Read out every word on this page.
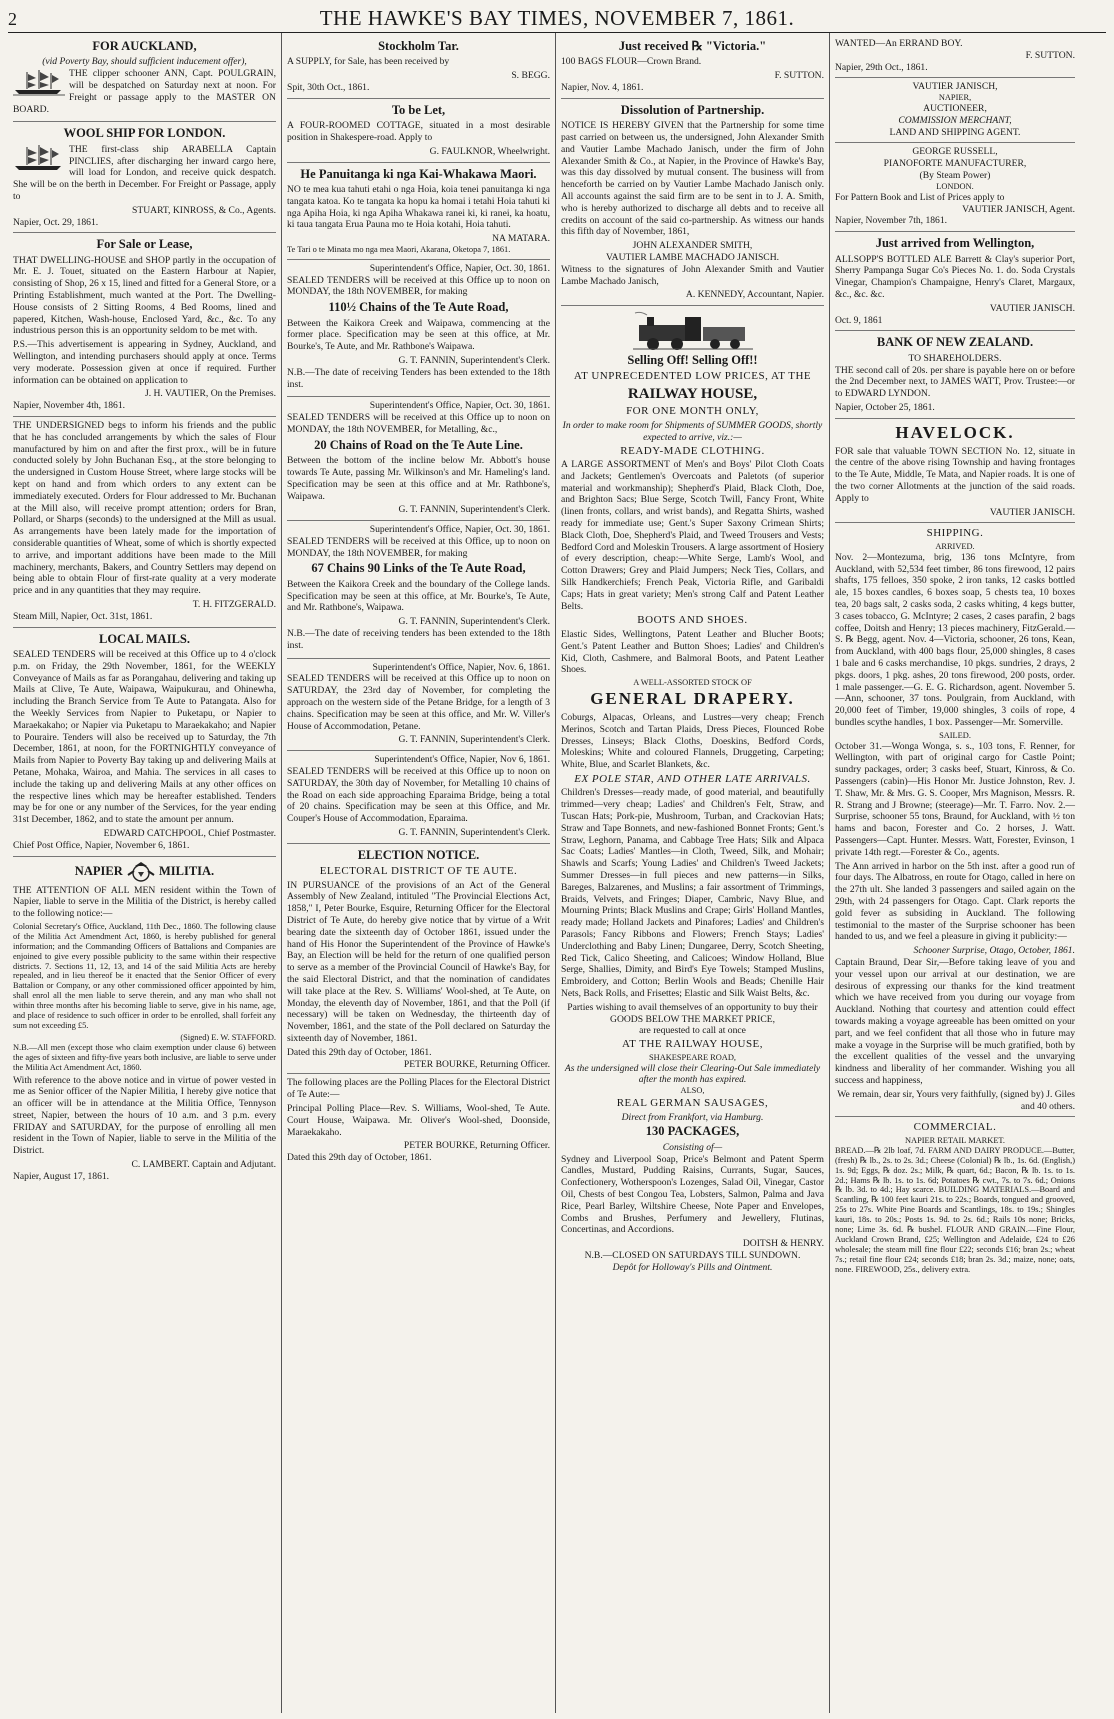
2	THE HAWKE'S BAY TIMES, NOVEMBER 7, 1861.
FOR AUCKLAND,
(vid Poverty Bay, should sufficient inducement offer),

THE clipper schooner ANN, Capt. POULGRAIN, will be despatched on Saturday next at noon. For Freight or passage apply to the MASTER ON BOARD.

WOOL SHIP FOR LONDON.

THE first-class ship ARABELLA Captain PINCLIES, after discharging her inward cargo here, will load for London, and receive quick despatch. She will be on the berth in December. For Freight or Passage, apply to

STUART, KINROSS, & Co., Agents.
Napier, Oct. 29, 1861.
For Sale or Lease,

THAT DWELLING-HOUSE and SHOP partly in the occupation of Mr. E. J. Touet, situated on the Eastern Harbour at Napier, consisting of Shop, 26 x 15, lined and fitted for a General Store, or a Printing Establishment, much wanted at the Port. The Dwelling-House consists of 2 Sitting Rooms, 4 Bed Rooms, lined and papered, Kitchen, Wash-house, Enclosed Yard, &c., &c. To any industrious person this is an opportunity seldom to be met with.

P.S.—This advertisement is appearing in Sydney, Auckland, and Wellington, and intending purchasers should apply at once. Terms very moderate. Possession given at once if required. Further information can be obtained on application to

J. H. VAUTIER, On the Premises.
Napier, November 4th, 1861.

THE UNDERSIGNED begs to inform his friends and the public that he has concluded arrangements by which the sales of Flour manufactured by him on and after the first prox., will be in future conducted solely by John Buchanan Esq., at the store belonging to the undersigned in Custom House Street, where large stocks will be kept on hand and from which orders to any extent can be immediately executed. Orders for Flour addressed to Mr. Buchanan at the Mill also, will receive prompt attention; orders for Bran, Pollard, or Sharps (seconds) to the undersigned at the Mill as usual. As arrangements have been lately made for the importation of considerable quantities of Wheat, some of which is shortly expected to arrive, and important additions have been made to the Mill machinery, merchants, Bakers, and Country Settlers may depend on being able to obtain Flour of first-rate quality at a very moderate price and in any quantities that they may require.

T. H. FITZGERALD.
Steam Mill, Napier, Oct. 31st, 1861.
LOCAL MAILS.

SEALED TENDERS will be received at this Office up to 4 o'clock p.m. on Friday, the 29th November, 1861, for the WEEKLY Conveyance of Mails as far as Porangahau, delivering and taking up Mails at Clive, Te Aute, Waipawa, Waipukurau, and Ohinewha, including the Branch Service from Te Aute to Patangata. Also for the Weekly Services from Napier to Puketapu, or Napier to Maraekakaho; or Napier via Puketapu to Maraekakaho; and Napier to Pouraire. Tenders will also be received up to Saturday, the 7th December, 1861, at noon, for the FORTNIGHTLY conveyance of Mails from Napier to Poverty Bay taking up and delivering Mails at Petane, Mohaka, Wairoa, and Mahia. The services in all cases to include the taking up and delivering Mails at any other offices on the respective lines which may be hereafter established. Tenders may be for one or any number of the Services, for the year ending 31st December, 1862, and to state the amount per annum.

EDWARD CATCHPOOL, Chief Postmaster.
Chief Post Office, Napier, November 6, 1861.
NAPIER	MILITIA.

THE ATTENTION OF ALL MEN resident within the Town of Napier, liable to serve in the Militia of the District, is hereby called to the following notice:—

Colonial Secretary's Office, Auckland, 11th Dec., 1860. The following clause of the Militia Act Amendment Act, 1860, is hereby published for general information; and the Commanding Officers of Battalions and Companies are enjoined to give every possible publicity to the same within their respective districts. 7. Sections 11, 12, 13, and 14 of the said Militia Acts are hereby repealed, and in lieu thereof be it enacted that the Senior Officer of every Battalion or Company, or any other commissioned officer appointed by him, shall enrol all the men liable to serve therein, and any man who shall not within three months after his becoming liable to serve, give in his name, age, and place of residence to such officer in order to be enrolled, shall forfeit any sum not exceeding £5.

(Signed) E. W. STAFFORD.

N.B.—All men (except those who claim exemption under clause 6) between the ages of sixteen and fifty-five years both inclusive, are liable to serve under the Militia Act Amendment Act, 1860.

With reference to the above notice and in virtue of power vested in me as Senior officer of the Napier Militia, I hereby give notice that an officer will be in attendance at the Militia Office, Tennyson street, Napier, between the hours of 10 a.m. and 3 p.m. every FRIDAY and SATURDAY, for the purpose of enrolling all men resident in the Town of Napier, liable to serve in the Militia of the District.

C. LAMBERT. Captain and Adjutant.
Napier, August 17, 1861.
Stockholm Tar.

A SUPPLY, for Sale, has been received by

S. BEGG.
Spit, 30th Oct., 1861.
To be Let,

A FOUR-ROOMED COTTAGE, situated in a most desirable position in Shakespere-road. Apply to

G. FAULKNOR, Wheelwright.
He Panuitanga ki nga Kai-Whakawa Maori.

NO te mea kua tahuti etahi o nga Hoia, koia tenei panuitanga ki nga tangata katoa. Ko te tangata ka hopu ka homai i tetahi Hoia tahuti ki nga Apiha Hoia, ki nga Apiha Whakawa ranei ki, ki ranei, ka hoatu, ki taua tangata Erua Pauna mo te Hoia kotahi, Hoia tahuti.

NA MATARA.
Te Tari o te Minata mo nga mea Maori, Akarana, Oketopa 7, 1861.
Superintendent's Office, Napier, Oct. 30, 1861.

SEALED TENDERS will be received at this Office up to noon on MONDAY, the 18th NOVEMBER, for making

110½ Chains of the Te Aute Road,

Between the Kaikora Creek and Waipawa, commencing at the former place. Specification may be seen at this office, at Mr. Bourke's, Te Aute, and Mr. Rathbone's Waipawa.

G. T. FANNIN, Superintendent's Clerk.

N.B.—The date of receiving Tenders has been extended to the 18th inst.

Superintendent's Office, Napier, Oct. 30, 1861.

SEALED TENDERS will be received at this Office up to noon on MONDAY, the 18th NOVEMBER, for Metalling, &c.,

20 Chains of Road on the Te Aute Line.

Between the bottom of the incline below Mr. Abbott's house towards Te Aute, passing Mr. Wilkinson's and Mr. Hameling's land. Specification may be seen at this office and at Mr. Rathbone's, Waipawa.

G. T. FANNIN, Superintendent's Clerk.
Superintendent's Office, Napier, Oct. 30, 1861.

SEALED TENDERS will be received at this Office, up to noon on MONDAY, the 18th NOVEMBER, for making

67 Chains 90 Links of the Te Aute Road,

Between the Kaikora Creek and the boundary of the College lands. Specification may be seen at this office, at Mr. Bourke's, Te Aute, and Mr. Rathbone's, Waipawa.

G. T. FANNIN, Superintendent's Clerk.

N.B.—The date of receiving tenders has been extended to the 18th inst.

Superintendent's Office, Napier, Nov. 6, 1861.

SEALED TENDERS will be received at this Office up to noon on SATURDAY, the 23rd day of November, for completing the approach on the western side of the Petane Bridge, for a length of 3 chains. Specification may be seen at this office, and Mr. W. Viller's House of Accommodation, Petane.

G. T. FANNIN, Superintendent's Clerk.
Superintendent's Office, Napier, Nov 6, 1861.

SEALED TENDERS will be received at this Office up to noon on SATURDAY, the 30th day of November, for Metalling 10 chains of the Road on each side approaching Eparaima Bridge, being a total of 20 chains. Specification may be seen at this Office, and Mr. Couper's House of Accommodation, Eparaima.

G. T. FANNIN, Superintendent's Clerk.
ELECTION NOTICE.
ELECTORAL DISTRICT OF TE AUTE.

IN PURSUANCE of the provisions of an Act of the General Assembly of New Zealand, intituled "The Provincial Elections Act, 1858," I, Peter Bourke, Esquire, Returning Officer for the Electoral District of Te Aute, do hereby give notice that by virtue of a Writ bearing date the sixteenth day of October 1861, issued under the hand of His Honor the Superintendent of the Province of Hawke's Bay, an Election will be held for the return of one qualified person to serve as a member of the Provincial Council of Hawke's Bay, for the said Electoral District, and that the nomination of candidates will take place at the Rev. S. Williams' Wool-shed, at Te Aute, on Monday, the eleventh day of November, 1861, and that the Poll (if necessary) will be taken on Wednesday, the thirteenth day of November, 1861, and the state of the Poll declared on Saturday the sixteenth day of November, 1861.

Dated this 29th day of October, 1861.
PETER BOURKE, Returning Officer.

The following places are the Polling Places for the Electoral District of Te Aute:—

Principal Polling Place—Rev. S. Williams, Wool-shed, Te Aute. Court House, Waipawa. Mr. Oliver's Wool-shed, Doonside, Maraekakaho.

PETER BOURKE, Returning Officer.
Dated this 29th day of October, 1861.
Just received ℞ "Victoria."

100 BAGS FLOUR—Crown Brand.

F. SUTTON.
Napier, Nov. 4, 1861.
Dissolution of Partnership.

NOTICE IS HEREBY GIVEN that the Partnership for some time past carried on between us, the undersigned, John Alexander Smith and Vautier Lambe Machado Janisch, under the firm of John Alexander Smith & Co., at Napier, in the Province of Hawke's Bay, was this day dissolved by mutual consent. The business will from henceforth be carried on by Vautier Lambe Machado Janisch only. All accounts against the said firm are to be sent in to J. A. Smith, who is hereby authorized to discharge all debts and to receive all credits on account of the said co-partnership. As witness our hands this fifth day of November, 1861,

JOHN ALEXANDER SMITH,
VAUTIER LAMBE MACHADO JANISCH.

Witness to the signatures of John Alexander Smith and Vautier Lambe Machado Janisch,

A. KENNEDY, Accountant, Napier.
Selling Off! Selling Off!!
AT UNPRECEDENTED LOW PRICES, AT THE
RAILWAY HOUSE,
FOR ONE MONTH ONLY,
In order to make room for Shipments of SUMMER GOODS, shortly expected to arrive, viz.:—
READY-MADE CLOTHING.

A LARGE ASSORTMENT of Men's and Boys' Pilot Cloth Coats and Jackets; Gentlemen's Overcoats and Paletots (of superior material and workmanship); Shepherd's Plaid, Black Cloth, Doe, and Brighton Sacs; Blue Serge, Scotch Twill, Fancy Front, White (linen fronts, collars, and wrist bands), and Regatta Shirts, washed ready for immediate use; Gent.'s Super Saxony Crimean Shirts; Black Cloth, Doe, Shepherd's Plaid, and Tweed Trousers and Vests; Bedford Cord and Moleskin Trousers. A large assortment of Hosiery of every description, cheap:—White Serge, Lamb's Wool, and Cotton Drawers; Grey and Plaid Jumpers; Neck Ties, Collars, and Silk Handkerchiefs; French Peak, Victoria Rifle, and Garibaldi Caps; Hats in great variety; Men's strong Calf and Patent Leather Belts.

BOOTS AND SHOES.

Elastic Sides, Wellingtons, Patent Leather and Blucher Boots; Gent.'s Patent Leather and Button Shoes; Ladies' and Children's Kid, Cloth, Cashmere, and Balmoral Boots, and Patent Leather Shoes.

A WELL-ASSORTED STOCK OF
GENERAL DRAPERY.

Coburgs, Alpacas, Orleans, and Lustres—very cheap; French Merinos, Scotch and Tartan Plaids, Dress Pieces, Flounced Robe Dresses, Linseys; Black Cloths, Doeskins, Bedford Cords, Moleskins; White and coloured Flannels, Druggeting, Carpeting; White, Blue, and Scarlet Blankets, &c.

EX POLE STAR, AND OTHER LATE ARRIVALS.

Children's Dresses—ready made, of good material, and beautifully trimmed—very cheap; Ladies' and Children's Felt, Straw, and Tuscan Hats; Pork-pie, Mushroom, Turban, and Crackovian Hats; Straw and Tape Bonnets, and new-fashioned Bonnet Fronts; Gent.'s Straw, Leghorn, Panama, and Cabbage Tree Hats; Silk and Alpaca Sac Coats; Ladies' Mantles—in Cloth, Tweed, Silk, and Mohair; Shawls and Scarfs; Young Ladies' and Children's Tweed Jackets; Summer Dresses—in full pieces and new patterns—in Silks, Bareges, Balzarenes, and Muslins; a fair assortment of Trimmings, Braids, Velvets, and Fringes; Diaper, Cambric, Navy Blue, and Mourning Prints; Black Muslins and Crape; Girls' Holland Mantles, ready made; Holland Jackets and Pinafores; Ladies' and Children's Parasols; Fancy Ribbons and Flowers; French Stays; Ladies' Underclothing and Baby Linen; Dungaree, Derry, Scotch Sheeting, Red Tick, Calico Sheeting, and Calicoes; Window Holland, Blue Serge, Shallies, Dimity, and Bird's Eye Towels; Stamped Muslins, Embroidery, and Cotton; Berlin Wools and Beads; Chenille Hair Nets, Back Rolls, and Frisettes; Elastic and Silk Waist Belts, &c.

Parties wishing to avail themselves of an opportunity to buy their
GOODS BELOW THE MARKET PRICE,
are requested to call at once
AT THE RAILWAY HOUSE,
SHAKESPEARE ROAD,
As the undersigned will close their Clearing-Out Sale immediately after the month has expired.
ALSO,
REAL GERMAN SAUSAGES,
Direct from Frankfort, via Hamburg.
130 PACKAGES,
Consisting of—

Sydney and Liverpool Soap, Price's Belmont and Patent Sperm Candles, Mustard, Pudding Raisins, Currants, Sugar, Sauces, Confectionery, Wotherspoon's Lozenges, Salad Oil, Vinegar, Castor Oil, Chests of best Congou Tea, Lobsters, Salmon, Palma and Java Rice, Pearl Barley, Wiltshire Cheese, Note Paper and Envelopes, Combs and Brushes, Perfumery and Jewellery, Flutinas, Concertinas, and Accordions.

DOITSH & HENRY.
N.B.—CLOSED ON SATURDAYS TILL SUNDOWN.
Depôt for Holloway's Pills and Ointment.
WANTED—An ERRAND BOY.
F. SUTTON.
Napier, 29th Oct., 1861.
VAUTIER JANISCH,
NAPIER,
AUCTIONEER,
COMMISSION MERCHANT,
LAND AND SHIPPING AGENT.
GEORGE RUSSELL,
PIANOFORTE MANUFACTURER,
(By Steam Power)
LONDON.
For Pattern Book and List of Prices apply to
VAUTIER JANISCH, Agent.
Napier, November 7th, 1861.
Just arrived from Wellington,

ALLSOPP'S BOTTLED ALE Barrett & Clay's superior Port, Sherry Pampanga Sugar Co's Pieces No. 1. do. Soda Crystals Vinegar, Champion's Champaigne, Henry's Claret, Margaux, &c., &c. &c.

VAUTIER JANISCH.
Oct. 9, 1861
BANK OF NEW ZEALAND.
TO SHAREHOLDERS.

THE second call of 20s. per share is payable here on or before the 2nd December next, to JAMES WATT, Prov. Trustee:—or to EDWARD LYNDON.

Napier, October 25, 1861.
HAVELOCK.

FOR sale that valuable TOWN SECTION No. 12, situate in the centre of the above rising Township and having frontages to the Te Aute, Middle, Te Mata, and Napier roads. It is one of the two corner Allotments at the junction of the said roads. Apply to

VAUTIER JANISCH.
SHIPPING.
ARRIVED.

Nov. 2—Montezuma, brig, 136 tons McIntyre, from Auckland, with 52,534 feet timber, 86 tons firewood, 12 pairs shafts, 175 felloes, 350 spoke, 2 iron tanks, 12 casks bottled ale, 15 boxes candles, 6 boxes soap, 5 chests tea, 10 boxes tea, 20 bags salt, 2 casks soda, 2 casks whiting, 4 kegs butter, 3 cases tobacco, G. McIntyre; 2 cases, 2 cases parafin, 2 bags coffee, Doitsh and Henry; 13 pieces machinery, FitzGerald.—S. ℞ Begg, agent. Nov. 4—Victoria, schooner, 26 tons, Kean, from Auckland, with 400 bags flour, 25,000 shingles, 8 cases 1 bale and 6 casks merchandise, 10 pkgs. sundries, 2 drays, 2 pkgs. doors, 1 pkg. ashes, 20 tons firewood, 200 posts, order. 1 male passenger.—G. E. G. Richardson, agent. November 5.—Ann, schooner, 37 tons. Poulgrain, from Auckland, with 20,000 feet of Timber, 19,000 shingles, 3 coils of rope, 4 bundles scythe handles, 1 box. Passenger—Mr. Somerville.

SAILED.

October 31.—Wonga Wonga, s. s., 103 tons, F. Renner, for Wellington, with part of original cargo for Castle Point; sundry packages, order; 3 casks beef, Stuart, Kinross, & Co. Passengers (cabin)—His Honor Mr. Justice Johnston, Rev. J. T. Shaw, Mr. & Mrs. G. S. Cooper, Mrs Magnison, Messrs. R. R. Strang and J Browne; (steerage)—Mr. T. Farro. Nov. 2.—Surprise, schooner 55 tons, Braund, for Auckland, with ½ ton hams and bacon, Forester and Co. 2 horses, J. Watt. Passengers—Capt. Hunter. Messrs. Watt, Forester, Evinson, 1 private 14th regt.—Forester & Co., agents.

The Ann arrived in harbor on the 5th inst. after a good run of four days. The Albatross, en route for Otago, called in here on the 27th ult. She landed 3 passengers and sailed again on the 29th, with 24 passengers for Otago. Capt. Clark reports the gold fever as subsiding in Auckland. The following testimonial to the master of the Surprise schooner has been handed to us, and we feel a pleasure in giving it publicity:—

Schooner Surprise, Otago, October, 1861.

Captain Braund, Dear Sir,—Before taking leave of you and your vessel upon our arrival at our destination, we are desirous of expressing our thanks for the kind treatment which we have received from you during our voyage from Auckland. Nothing that courtesy and attention could effect towards making a voyage agreeable has been omitted on your part, and we feel confident that all those who in future may make a voyage in the Surprise will be much gratified, both by the excellent qualities of the vessel and the unvarying kindness and liberality of her commander. Wishing you all success and happiness,

We remain, dear sir, Yours very faithfully, (signed by) J. Giles and 40 others.
COMMERCIAL.
NAPIER RETAIL MARKET.

BREAD.—℞ 2lb loaf, 7d. FARM AND DAIRY PRODUCE.—Butter, (fresh) ℞ lb., 2s. to 2s. 3d.; Cheese (Colonial) ℞ lb., 1s. 6d. (English,) 1s. 9d; Eggs, ℞ doz. 2s.; Milk, ℞ quart, 6d.; Bacon, ℞ lb. 1s. to 1s. 2d.; Hams ℞ lb. 1s. to 1s. 6d; Potatoes ℞ cwt., 7s. to 7s. 6d.; Onions ℞ lb. 3d. to 4d.; Hay scarce. BUILDING MATERIALS.—Board and Scantling, ℞ 100 feet kauri 21s. to 22s.; Boards, tongued and grooved, 25s to 27s. White Pine Boards and Scantlings, 18s. to 19s.; Shingles kauri, 18s. to 20s.; Posts 1s. 9d. to 2s. 6d.; Rails 10s none; Bricks, none; Lime 3s. 6d. ℞ bushel. FLOUR AND GRAIN.—Fine Flour, Auckland Crown Brand, £25; Wellington and Adelaide, £24 to £26 wholesale; the steam mill fine flour £22; seconds £16; bran 2s.; wheat 7s.; retail fine flour £24; seconds £18; bran 2s. 3d.; maize, none; oats, none. FIREWOOD, 25s., delivery extra.
